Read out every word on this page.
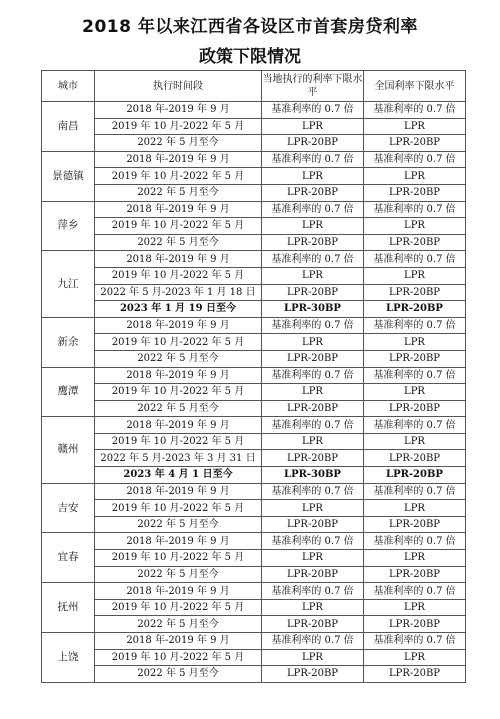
2018 年以来江西省各设区市首套房贷利率
政策下限情况
城市	执行时间段	当地执行的利率下限水平	全国利率下限水平
南昌	2018 年-2019 年 9 月	基准利率的 0.7 倍	基准利率的 0.7 倍
	2019 年 10 月-2022 年 5 月	LPR	LPR
	2022 年 5 月至今	LPR-20BP	LPR-20BP
景德镇	2018 年-2019 年 9 月	基准利率的 0.7 倍	基准利率的 0.7 倍
	2019 年 10 月-2022 年 5 月	LPR	LPR
	2022 年 5 月至今	LPR-20BP	LPR-20BP
萍乡	2018 年-2019 年 9 月	基准利率的 0.7 倍	基准利率的 0.7 倍
	2019 年 10 月-2022 年 5 月	LPR	LPR
	2022 年 5 月至今	LPR-20BP	LPR-20BP
九江	2018 年-2019 年 9 月	基准利率的 0.7 倍	基准利率的 0.7 倍
	2019 年 10 月-2022 年 5 月	LPR	LPR
	2022 年 5 月-2023 年 1 月 18 日	LPR-20BP	LPR-20BP
	2023 年 1 月 19 日至今	LPR-30BP	LPR-20BP
新余	2018 年-2019 年 9 月	基准利率的 0.7 倍	基准利率的 0.7 倍
	2019 年 10 月-2022 年 5 月	LPR	LPR
	2022 年 5 月至今	LPR-20BP	LPR-20BP
鹰潭	2018 年-2019 年 9 月	基准利率的 0.7 倍	基准利率的 0.7 倍
	2019 年 10 月-2022 年 5 月	LPR	LPR
	2022 年 5 月至今	LPR-20BP	LPR-20BP
赣州	2018 年-2019 年 9 月	基准利率的 0.7 倍	基准利率的 0.7 倍
	2019 年 10 月-2022 年 5 月	LPR	LPR
	2022 年 5 月-2023 年 3 月 31 日	LPR-20BP	LPR-20BP
	2023 年 4 月 1 日至今	LPR-30BP	LPR-20BP
吉安	2018 年-2019 年 9 月	基准利率的 0.7 倍	基准利率的 0.7 倍
	2019 年 10 月-2022 年 5 月	LPR	LPR
	2022 年 5 月至今	LPR-20BP	LPR-20BP
宜春	2018 年-2019 年 9 月	基准利率的 0.7 倍	基准利率的 0.7 倍
	2019 年 10 月-2022 年 5 月	LPR	LPR
	2022 年 5 月至今	LPR-20BP	LPR-20BP
抚州	2018 年-2019 年 9 月	基准利率的 0.7 倍	基准利率的 0.7 倍
	2019 年 10 月-2022 年 5 月	LPR	LPR
	2022 年 5 月至今	LPR-20BP	LPR-20BP
上饶	2018 年-2019 年 9 月	基准利率的 0.7 倍	基准利率的 0.7 倍
	2019 年 10 月-2022 年 5 月	LPR	LPR
	2022 年 5 月至今	LPR-20BP	LPR-20BP
